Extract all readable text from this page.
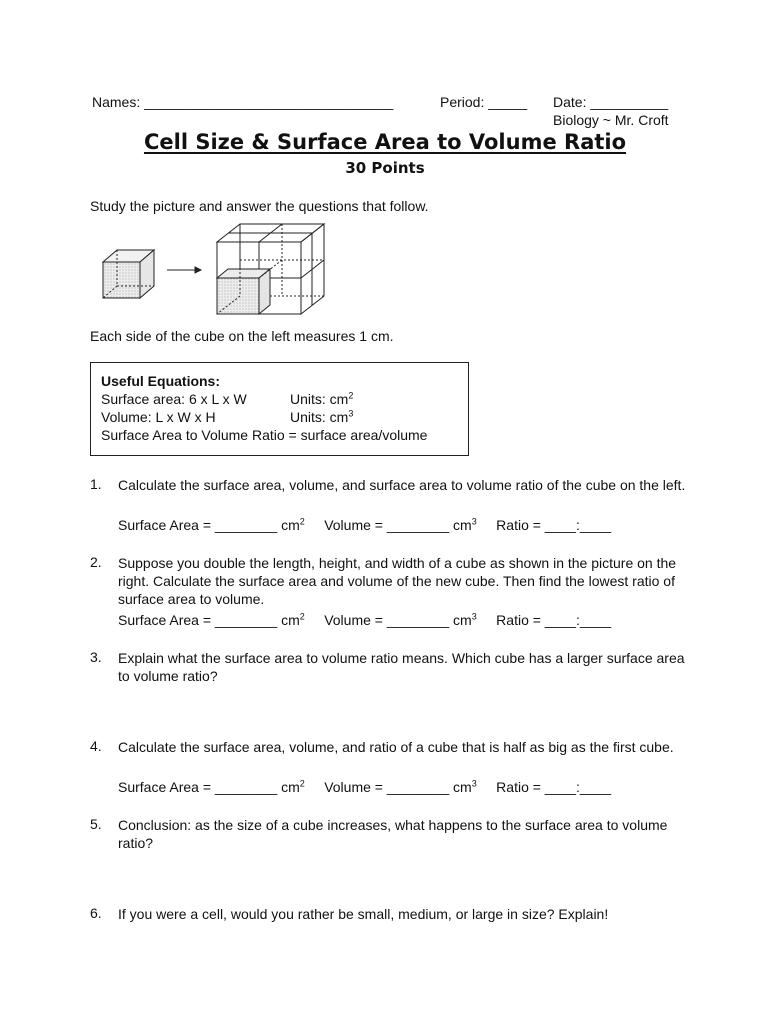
Names: ________________________________	Period: _____ Date: __________
Biology ~ Mr. Croft
Cell Size & Surface Area to Volume Ratio
30 Points
Study the picture and answer the questions that follow.
Each side of the cube on the left measures 1 cm.
Useful Equations:
Surface area: 6 x L x W	Units: $cm^2$
Volume: L x W x H	Units: $cm^3$
Surface Area to Volume Ratio = surface area/volume
1. Calculate the surface area, volume, and surface area to volume ratio of the cube on the left.
Surface Area = ________ $cm^2$ Volume = ________ $cm^3$ Ratio = ____:____
2. Suppose you double the length, height, and width of a cube as shown in the picture on the right. Calculate the surface area and volume of the new cube. Then find the lowest ratio of surface area to volume.
Surface Area = ________ $cm^2$ Volume = ________ $cm^3$ Ratio = ____:____
3. Explain what the surface area to volume ratio means. Which cube has a larger surface area to volume ratio?
4. Calculate the surface area, volume, and ratio of a cube that is half as big as the first cube.
Surface Area = ________ $cm^2$ Volume = ________ $cm^3$ Ratio = ____:____
5. Conclusion: as the size of a cube increases, what happens to the surface area to volume ratio?
6. If you were a cell, would you rather be small, medium, or large in size? Explain!
